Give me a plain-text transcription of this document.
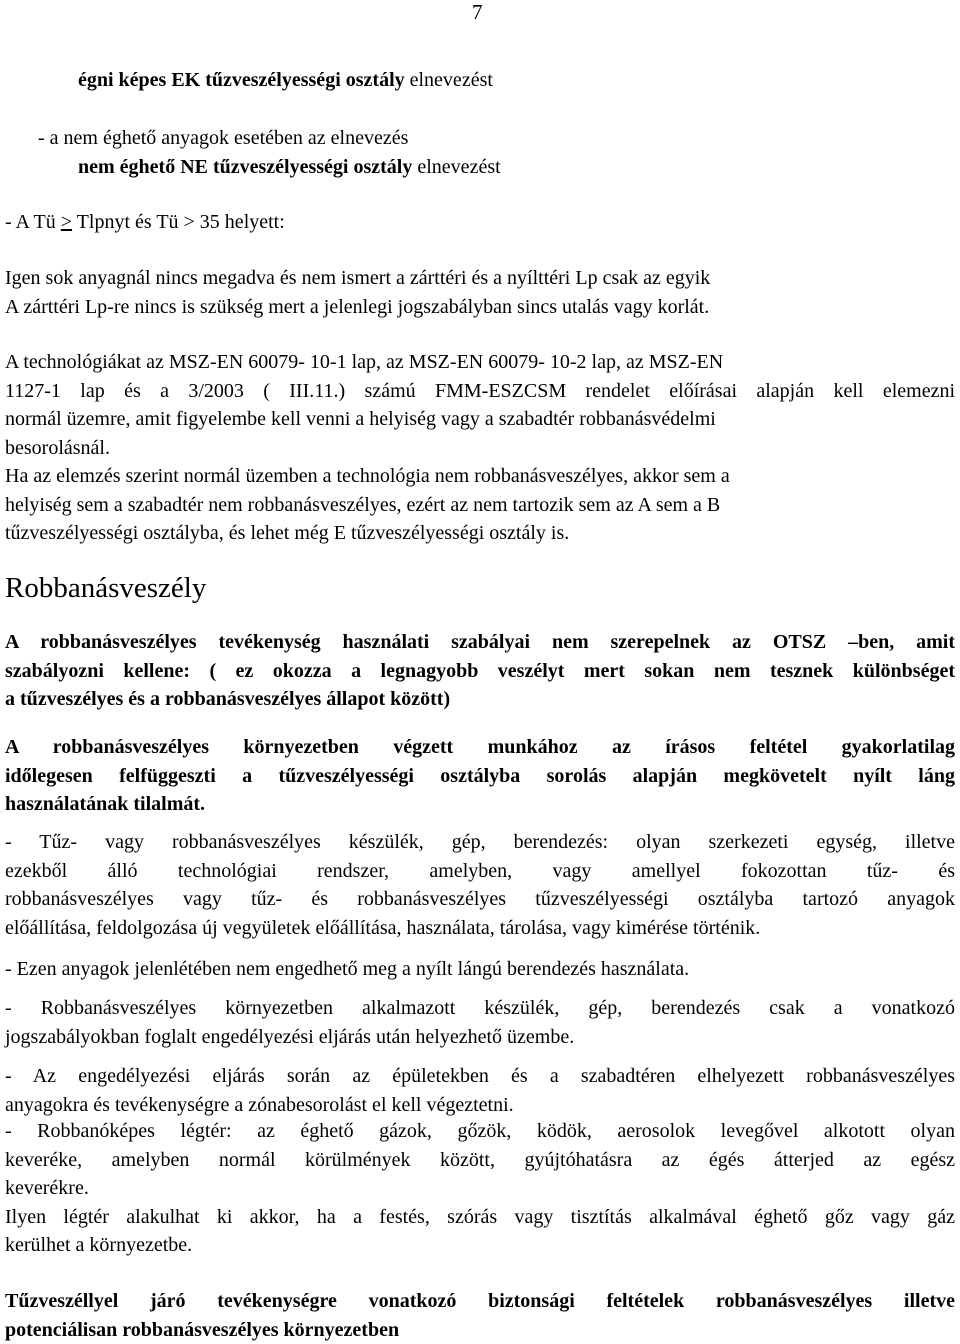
7
égni képes EK tűzveszélyességi osztály elnevezést
- a nem éghető anyagok esetében az elnevezés
nem éghető NE tűzveszélyességi osztály elnevezést
- A Tü > Tlpnyt és Tü > 35 helyett:
Igen sok anyagnál nincs megadva és nem ismert a zárttéri és a nyílttéri Lp csak az egyik
A zárttéri Lp-re nincs is szükség mert a jelenlegi jogszabályban sincs utalás vagy korlát.
A technológiákat az MSZ-EN 60079- 10-1 lap, az MSZ-EN 60079- 10-2 lap, az MSZ-EN
1127-1 lap és a 3/2003 ( III.11.) számú FMM-ESZCSM rendelet előírásai alapján kell elemezni
normál üzemre, amit figyelembe kell venni a helyiség vagy a szabadtér robbanásvédelmi
besorolásnál.
Ha az elemzés szerint normál üzemben a technológia nem robbanásveszélyes, akkor sem a
helyiség sem a szabadtér nem robbanásveszélyes, ezért az nem tartozik sem az A sem a B
tűzveszélyességi osztályba, és lehet még E tűzveszélyességi osztály is.
Robbanásveszély
A robbanásveszélyes tevékenység használati szabályai nem szerepelnek az OTSZ –ben, amit
szabályozni kellene: ( ez okozza a legnagyobb veszélyt mert sokan nem tesznek különbséget
a tűzveszélyes és a robbanásveszélyes állapot között)
A robbanásveszélyes környezetben végzett munkához az írásos feltétel gyakorlatilag
időlegesen felfüggeszti a tűzveszélyességi osztályba sorolás alapján megkövetelt nyílt láng
használatának tilalmát.
- Tűz- vagy robbanásveszélyes készülék, gép, berendezés: olyan szerkezeti egység, illetve
ezekből álló technológiai rendszer, amelyben, vagy amellyel fokozottan tűz- és
robbanásveszélyes vagy tűz- és robbanásveszélyes tűzveszélyességi osztályba tartozó anyagok
előállítása, feldolgozása új vegyületek előállítása, használata, tárolása, vagy kimérése történik.
- Ezen anyagok jelenlétében nem engedhető meg a nyílt lángú berendezés használata.
- Robbanásveszélyes környezetben alkalmazott készülék, gép, berendezés csak a vonatkozó
jogszabályokban foglalt engedélyezési eljárás után helyezhető üzembe.
- Az engedélyezési eljárás során az épületekben és a szabadtéren elhelyezett robbanásveszélyes
anyagokra és tevékenységre a zónabesorolást el kell végeztetni.
- Robbanóképes légtér: az éghető gázok, gőzök, ködök, aerosolok levegővel alkotott olyan
keveréke, amelyben normál körülmények között, gyújtóhatásra az égés átterjed az egész
keverékre.
Ilyen légtér alakulhat ki akkor, ha a festés, szórás vagy tisztítás alkalmával éghető gőz vagy gáz
kerülhet a környezetbe.
Tűzveszéllyel járó tevékenységre vonatkozó biztonsági feltételek robbanásveszélyes illetve
potenciálisan robbanásveszélyes környezetben
